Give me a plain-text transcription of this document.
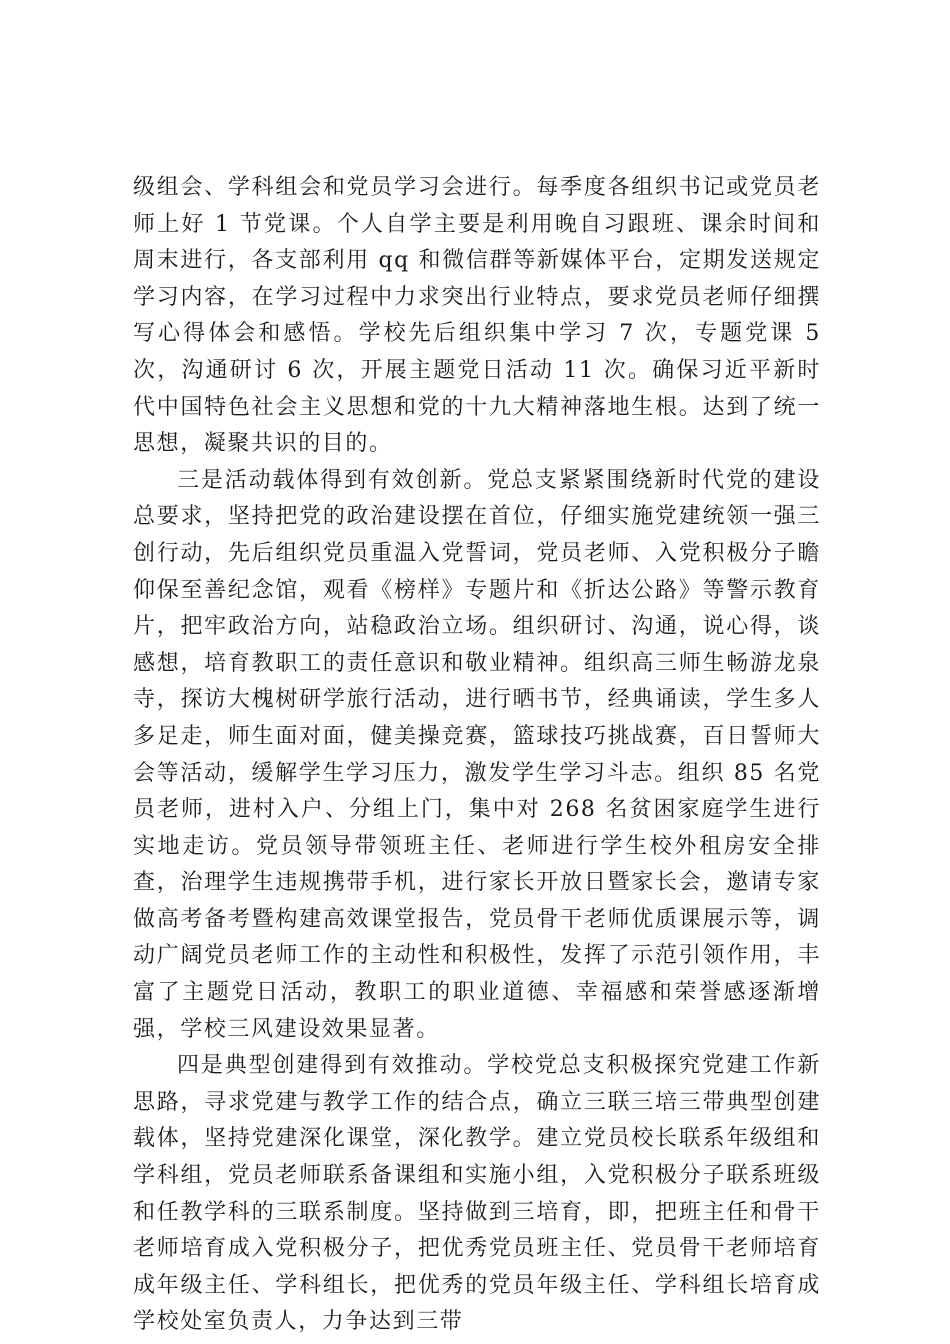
级组会、学科组会和党员学习会进行。每季度各组织书记或党员老师上好 1 节党课。个人自学主要是利用晚自习跟班、课余时间和周末进行，各支部利用 qq 和微信群等新媒体平台，定期发送规定学习内容，在学习过程中力求突出行业特点，要求党员老师仔细撰写心得体会和感悟。学校先后组织集中学习 7 次，专题党课 5 次，沟通研讨 6 次，开展主题党日活动 11 次。确保习近平新时代中国特色社会主义思想和党的十九大精神落地生根。达到了统一思想，凝聚共识的目的。

三是活动载体得到有效创新。党总支紧紧围绕新时代党的建设总要求，坚持把党的政治建设摆在首位，仔细实施党建统领一强三创行动，先后组织党员重温入党誓词，党员老师、入党积极分子瞻仰保至善纪念馆，观看《榜样》专题片和《折达公路》等警示教育片，把牢政治方向，站稳政治立场。组织研讨、沟通，说心得，谈感想，培育教职工的责任意识和敬业精神。组织高三师生畅游龙泉寺，探访大槐树研学旅行活动，进行晒书节，经典诵读，学生多人多足走，师生面对面，健美操竞赛，篮球技巧挑战赛，百日誓师大会等活动，缓解学生学习压力，激发学生学习斗志。组织 85 名党员老师，进村入户、分组上门，集中对 268 名贫困家庭学生进行实地走访。党员领导带领班主任、老师进行学生校外租房安全排查，治理学生违规携带手机，进行家长开放日暨家长会，邀请专家做高考备考暨构建高效课堂报告，党员骨干老师优质课展示等，调动广阔党员老师工作的主动性和积极性，发挥了示范引领作用，丰富了主题党日活动，教职工的职业道德、幸福感和荣誉感逐渐增强，学校三风建设效果显著。

四是典型创建得到有效推动。学校党总支积极探究党建工作新思路，寻求党建与教学工作的结合点，确立三联三培三带典型创建载体，坚持党建深化课堂，深化教学。建立党员校长联系年级组和学科组，党员老师联系备课组和实施小组，入党积极分子联系班级和任教学科的三联系制度。坚持做到三培育，即，把班主任和骨干老师培育成入党积极分子，把优秀党员班主任、党员骨干老师培育成年级主任、学科组长，把优秀的党员年级主任、学科组长培育成学校处室负责人，力争达到三带
